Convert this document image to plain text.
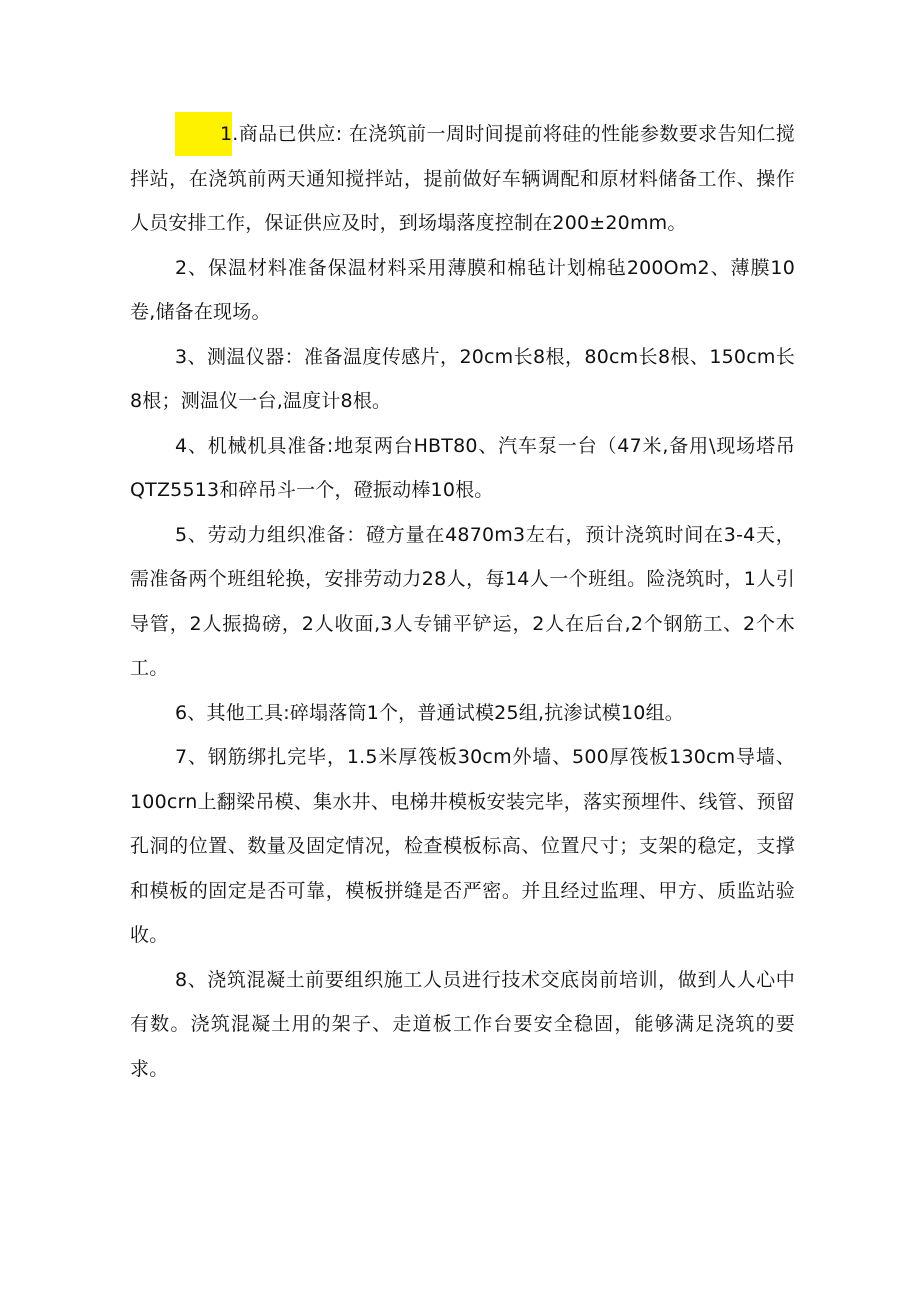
1.商品已供应: 在浇筑前一周时间提前将硅的性能参数要求告知仁搅拌站，在浇筑前两天通知搅拌站，提前做好车辆调配和原材料储备工作、操作人员安排工作，保证供应及时，到场塌落度控制在200±20mm。

2、保温材料准备保温材料采用薄膜和棉毡计划棉毡200Om2、薄膜10卷,储备在现场。

3、测温仪器：准备温度传感片，20cm长8根，80cm长8根、150cm长8根；测温仪一台,温度计8根。

4、机械机具准备:地泵两台HBT80、汽车泵一台（47米,备用\现场塔吊QTZ5513和碎吊斗一个，磴振动棒10根。

5、劳动力组织准备：磴方量在4870m3左右，预计浇筑时间在3-4天，需准备两个班组轮换，安排劳动力28人，每14人一个班组。险浇筑时，1人引导管，2人振捣磅，2人收面,3人专铺平铲运，2人在后台,2个钢筋工、2个木工。

6、其他工具:碎塌落筒1个，普通试模25组,抗渗试模10组。

7、钢筋绑扎完毕，1.5米厚筏板30cm外墙、500厚筏板130cm导墙、100crn上翻梁吊模、集水井、电梯井模板安装完毕，落实预埋件、线管、预留孔洞的位置、数量及固定情况，检查模板标高、位置尺寸；支架的稳定，支撑和模板的固定是否可靠，模板拼缝是否严密。并且经过监理、甲方、质监站验收。

8、浇筑混凝土前要组织施工人员进行技术交底岗前培训，做到人人心中有数。浇筑混凝土用的架子、走道板工作台要安全稳固，能够满足浇筑的要求。
